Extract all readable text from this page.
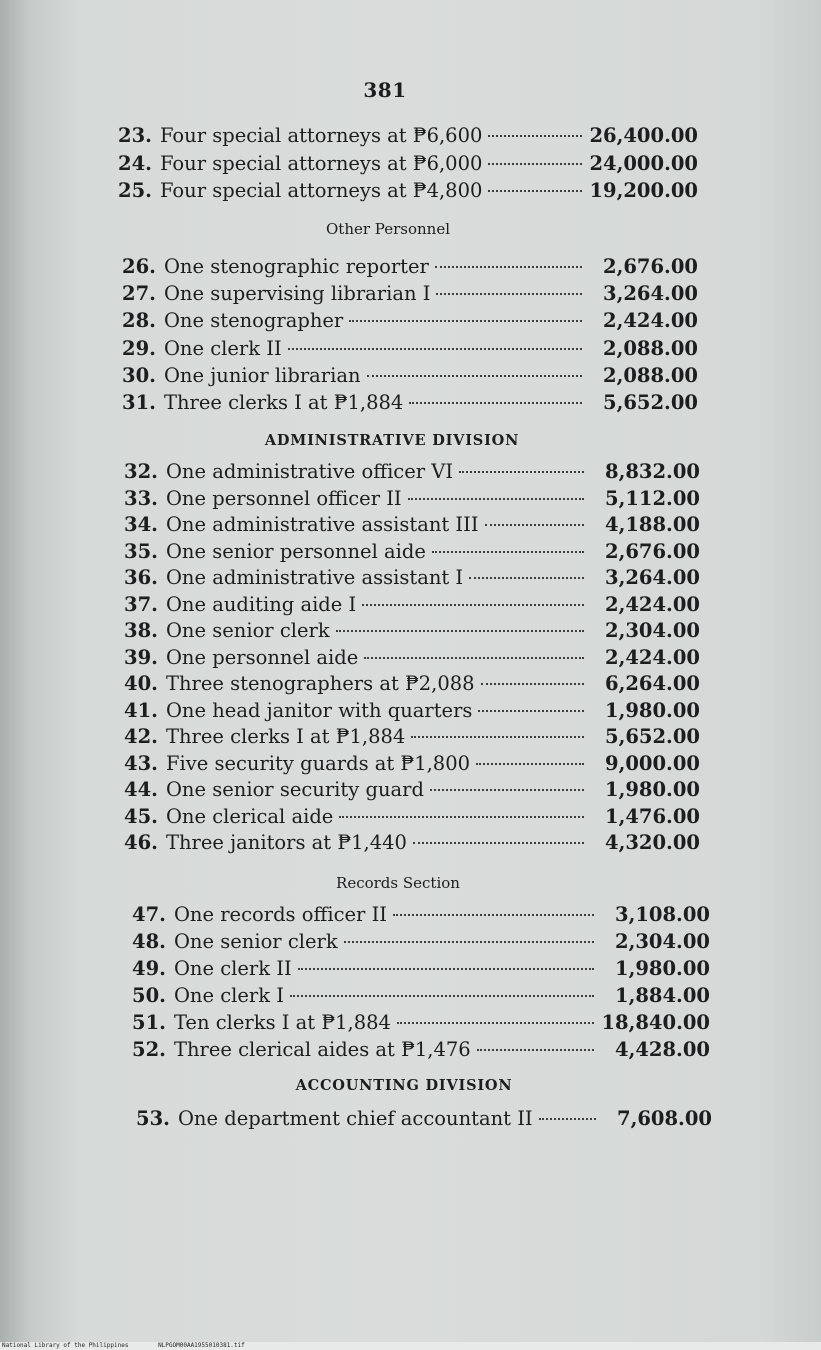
381
23. Four special attorneys at ₱6,600	26,400.00
24. Four special attorneys at ₱6,000	24,000.00
25. Four special attorneys at ₱4,800	19,200.00
Other Personnel
26. One stenographic reporter	2,676.00
27. One supervising librarian I	3,264.00
28. One stenographer	2,424.00
29. One clerk II	2,088.00
30. One junior librarian	2,088.00
31. Three clerks I at ₱1,884	5,652.00
ADMINISTRATIVE DIVISION
32. One administrative officer VI	8,832.00
33. One personnel officer II	5,112.00
34. One administrative assistant III	4,188.00
35. One senior personnel aide	2,676.00
36. One administrative assistant I	3,264.00
37. One auditing aide I	2,424.00
38. One senior clerk	2,304.00
39. One personnel aide	2,424.00
40. Three stenographers at ₱2,088	6,264.00
41. One head janitor with quarters	1,980.00
42. Three clerks I at ₱1,884	5,652.00
43. Five security guards at ₱1,800	9,000.00
44. One senior security guard	1,980.00
45. One clerical aide	1,476.00
46. Three janitors at ₱1,440	4,320.00
Records Section
47. One records officer II	3,108.00
48. One senior clerk	2,304.00
49. One clerk II	1,980.00
50. One clerk I	1,884.00
51. Ten clerks I at ₱1,884	18,840.00
52. Three clerical aides at ₱1,476	4,428.00
ACCOUNTING DIVISION
53. One department chief accountant II	7,608.00
National Library of the Philippines	NLPGOM00AA1955010381.tif
